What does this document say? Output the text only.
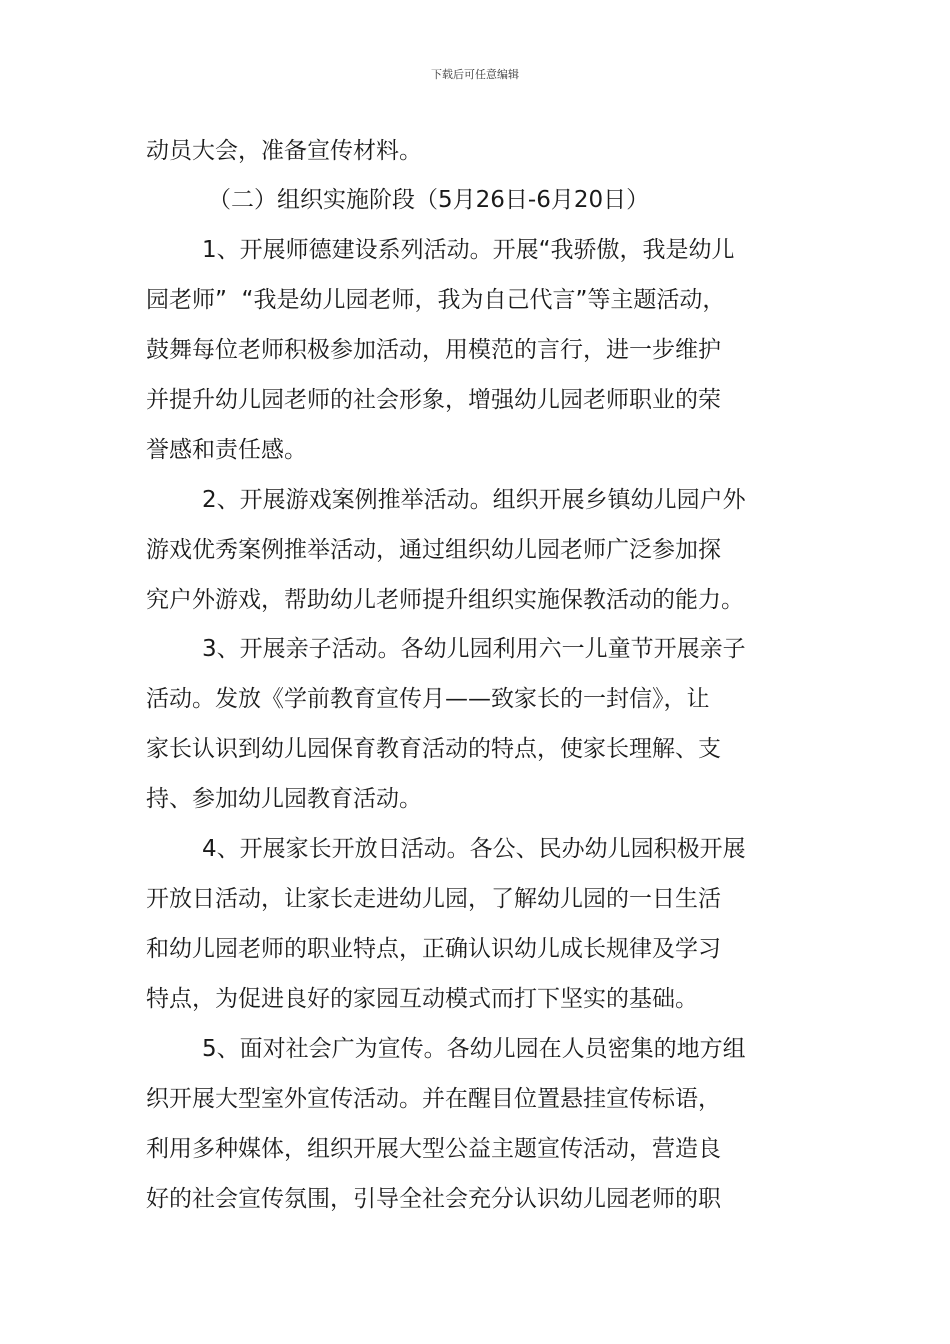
下载后可任意编辑
动员大会，准备宣传材料。
（二）组织实施阶段（5月26日-6月20日）
1、开展师德建设系列活动。开展“我骄傲，我是幼儿
园老师”  “我是幼儿园老师，我为自己代言”等主题活动，
鼓舞每位老师积极参加活动，用模范的言行，进一步维护
并提升幼儿园老师的社会形象，增强幼儿园老师职业的荣
誉感和责任感。
2、开展游戏案例推举活动。组织开展乡镇幼儿园户外
游戏优秀案例推举活动，通过组织幼儿园老师广泛参加探
究户外游戏，帮助幼儿老师提升组织实施保教活动的能力。
3、开展亲子活动。各幼儿园利用六一儿童节开展亲子
活动。发放《学前教育宣传月——致家长的一封信》，让
家长认识到幼儿园保育教育活动的特点，使家长理解、支
持、参加幼儿园教育活动。
4、开展家长开放日活动。各公、民办幼儿园积极开展
开放日活动，让家长走进幼儿园，了解幼儿园的一日生活
和幼儿园老师的职业特点，正确认识幼儿成长规律及学习
特点，为促进良好的家园互动模式而打下坚实的基础。
5、面对社会广为宣传。各幼儿园在人员密集的地方组
织开展大型室外宣传活动。并在醒目位置悬挂宣传标语，
利用多种媒体，组织开展大型公益主题宣传活动，营造良
好的社会宣传氛围，引导全社会充分认识幼儿园老师的职
